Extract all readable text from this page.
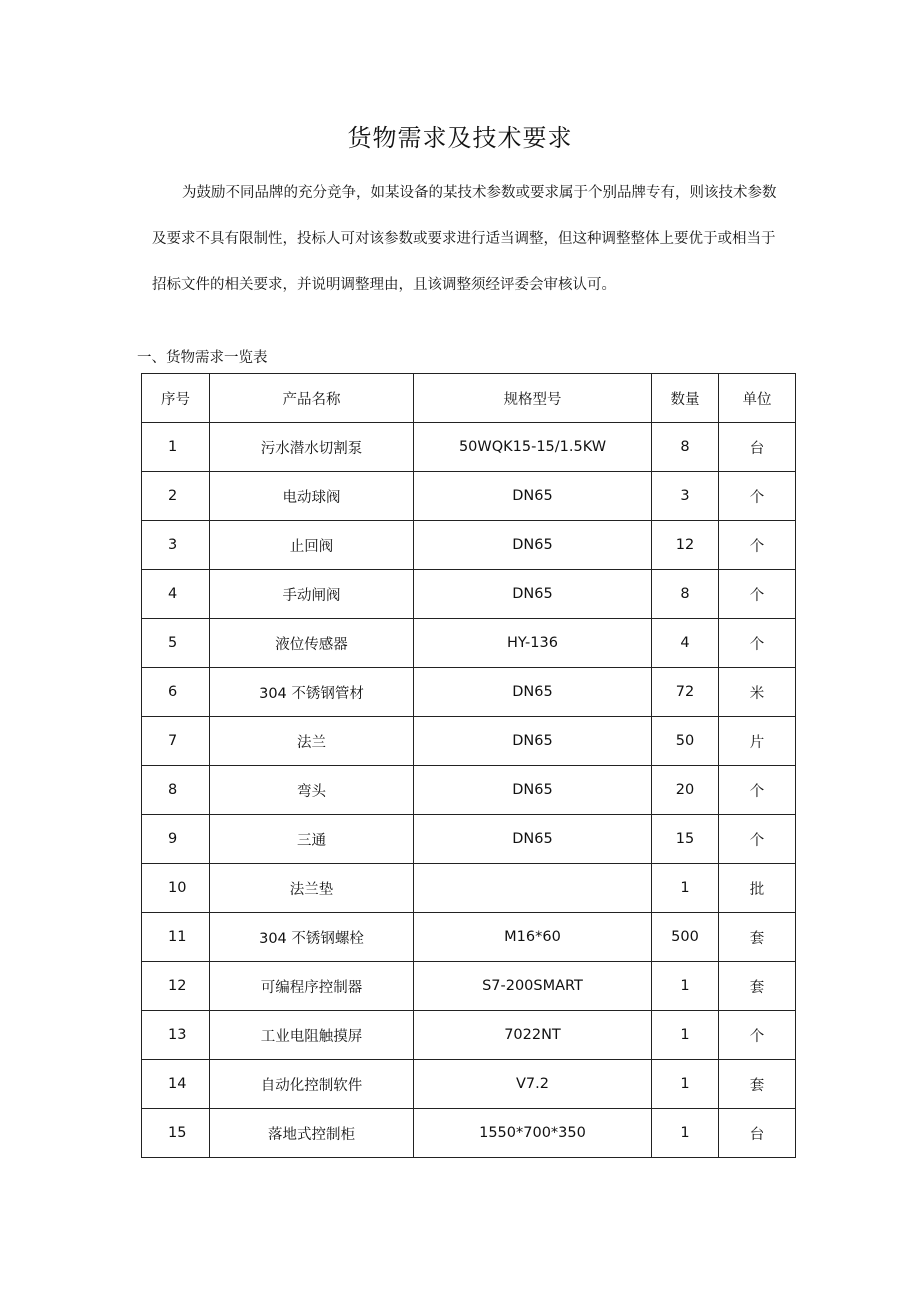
货物需求及技术要求

为鼓励不同品牌的充分竞争，如某设备的某技术参数或要求属于个别品牌专有，则该技术参数及要求不具有限制性，投标人可对该参数或要求进行适当调整，但这种调整整体上要优于或相当于招标文件的相关要求，并说明调整理由，且该调整须经评委会审核认可。

一、货物需求一览表
序号	产品名称	规格型号	数量	单位
1	污水潜水切割泵	50WQK15-15/1.5KW	8	台
2	电动球阀	DN65	3	个
3	止回阀	DN65	12	个
4	手动闸阀	DN65	8	个
5	液位传感器	HY-136	4	个
6	304 不锈钢管材	DN65	72	米
7	法兰	DN65	50	片
8	弯头	DN65	20	个
9	三通	DN65	15	个
10	法兰垫		1	批
11	304 不锈钢螺栓	M16*60	500	套
12	可编程序控制器	S7-200SMART	1	套
13	工业电阻触摸屏	7022NT	1	个
14	自动化控制软件	V7.2	1	套
15	落地式控制柜	1550*700*350	1	台
